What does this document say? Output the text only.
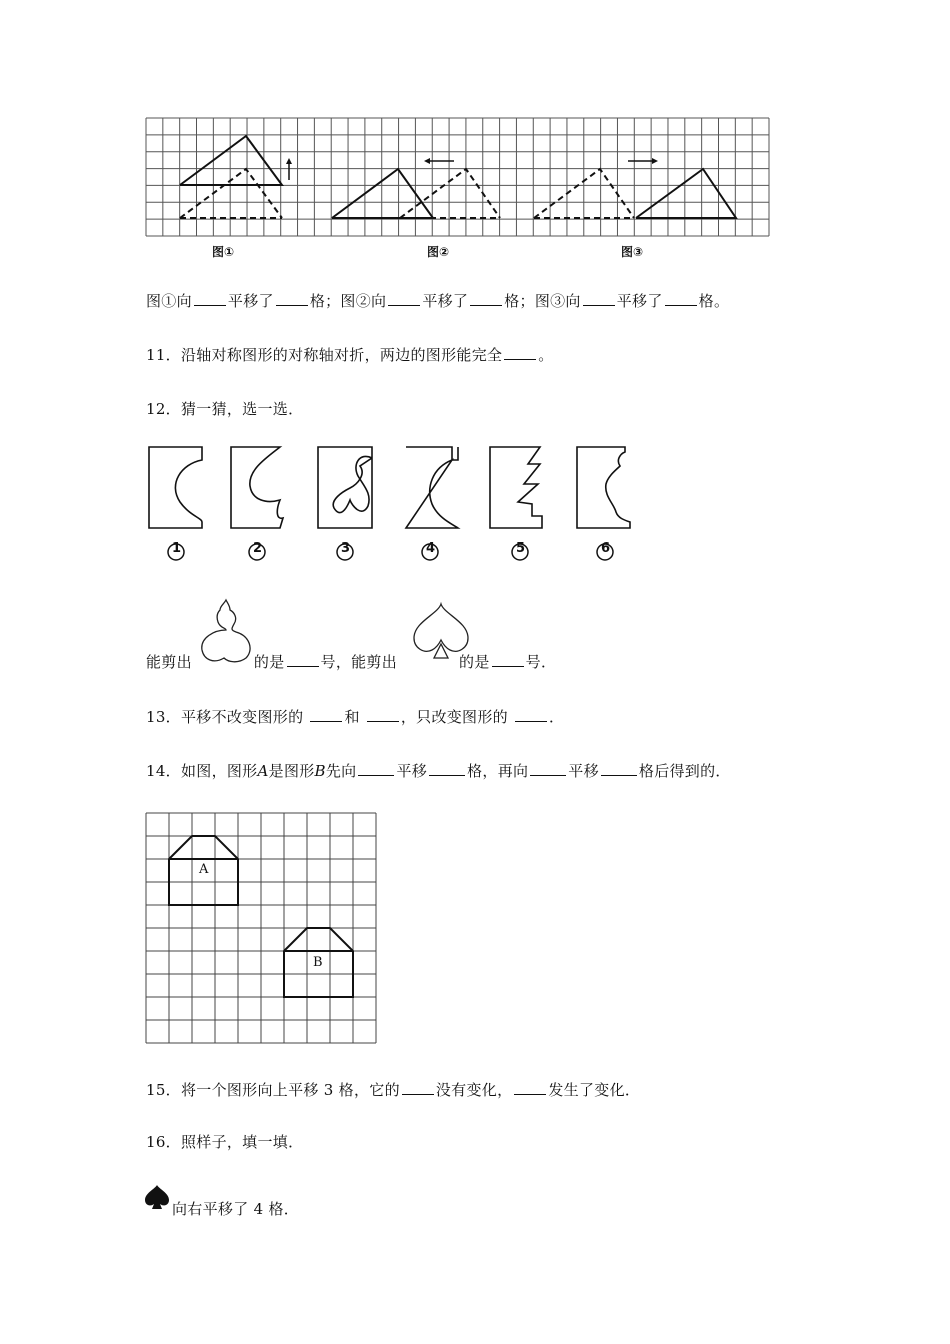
图①	图②	图③
图①向 平移了 格；图②向 平移了 格；图③向 平移了 格。
11．沿轴对称图形的对称轴对折，两边的图形能完全 。
12．猜一猜，选一选．
1	2	3	4	5	6
能剪出	的是 号，能剪出	的是 号．
13．平移不改变图形的 和 ，只改变图形的 ．
14．如图，图形A是图形B先向	平移	格，再向	平移	格后得到的．
A
B
15．将一个图形向上平移 3 格，它的 没有变化， 发生了变化．
16．照样子，填一填．
向右平移了 4 格．
